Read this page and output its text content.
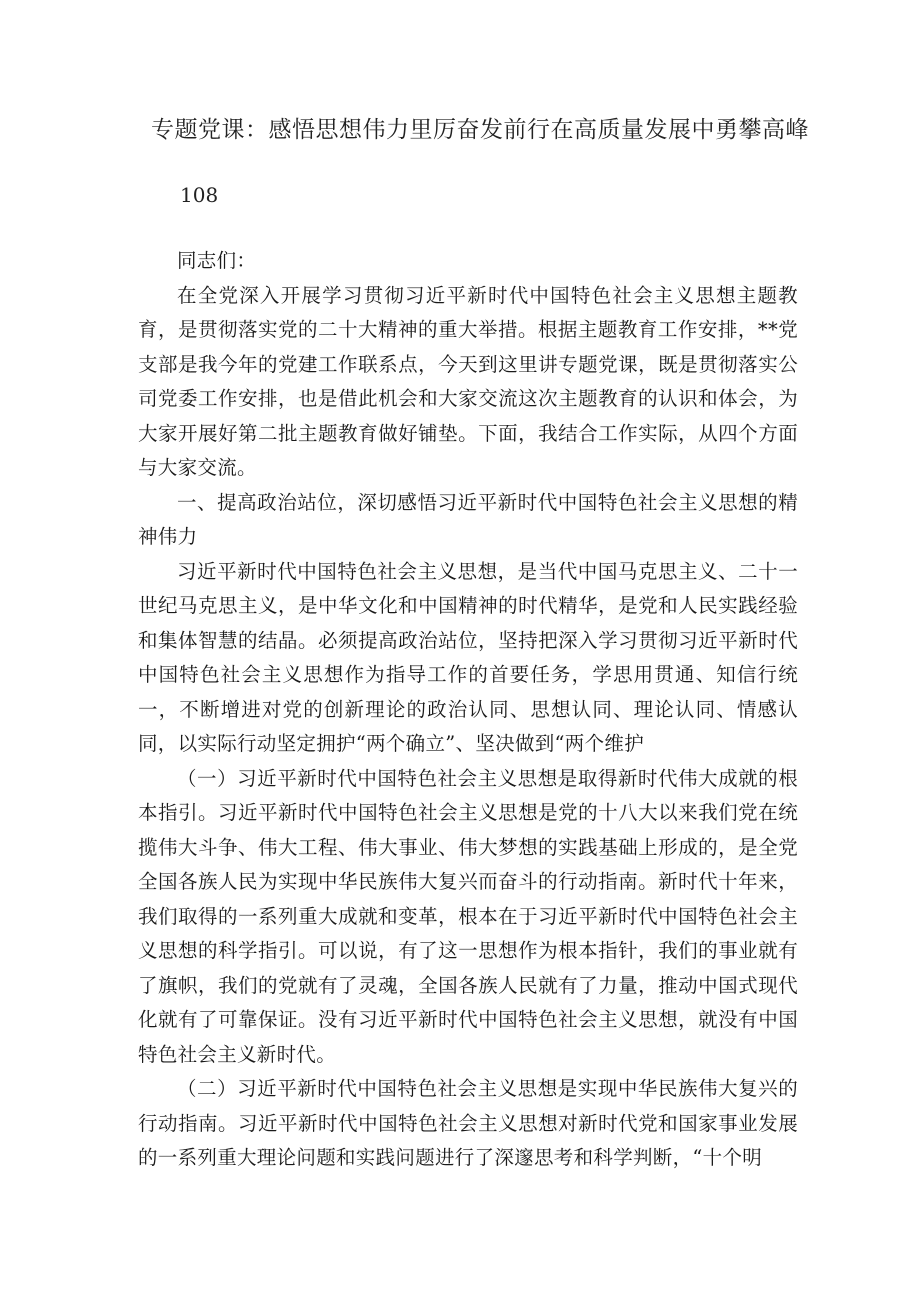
专题党课：感悟思想伟力里厉奋发前行在高质量发展中勇攀高峰
108

同志们：

在全党深入开展学习贯彻习近平新时代中国特色社会主义思想主题教育，是贯彻落实党的二十大精神的重大举措。根据主题教育工作安排，**党支部是我今年的党建工作联系点，今天到这里讲专题党课，既是贯彻落实公司党委工作安排，也是借此机会和大家交流这次主题教育的认识和体会，为大家开展好第二批主题教育做好铺垫。下面，我结合工作实际，从四个方面与大家交流。

一、提高政治站位，深切感悟习近平新时代中国特色社会主义思想的精神伟力

习近平新时代中国特色社会主义思想，是当代中国马克思主义、二十一世纪马克思主义，是中华文化和中国精神的时代精华，是党和人民实践经验和集体智慧的结晶。必须提高政治站位，坚持把深入学习贯彻习近平新时代中国特色社会主义思想作为指导工作的首要任务，学思用贯通、知信行统一，不断增进对党的创新理论的政治认同、思想认同、理论认同、情感认同，以实际行动坚定拥护“两个确立”、坚决做到“两个维护

（一）习近平新时代中国特色社会主义思想是取得新时代伟大成就的根本指引。习近平新时代中国特色社会主义思想是党的十八大以来我们党在统揽伟大斗争、伟大工程、伟大事业、伟大梦想的实践基础上形成的，是全党全国各族人民为实现中华民族伟大复兴而奋斗的行动指南。新时代十年来，我们取得的一系列重大成就和变革，根本在于习近平新时代中国特色社会主义思想的科学指引。可以说，有了这一思想作为根本指针，我们的事业就有了旗帜，我们的党就有了灵魂，全国各族人民就有了力量，推动中国式现代化就有了可靠保证。没有习近平新时代中国特色社会主义思想，就没有中国特色社会主义新时代。

（二）习近平新时代中国特色社会主义思想是实现中华民族伟大复兴的行动指南。习近平新时代中国特色社会主义思想对新时代党和国家事业发展的一系列重大理论问题和实践问题进行了深邃思考和科学判断，“十个明
